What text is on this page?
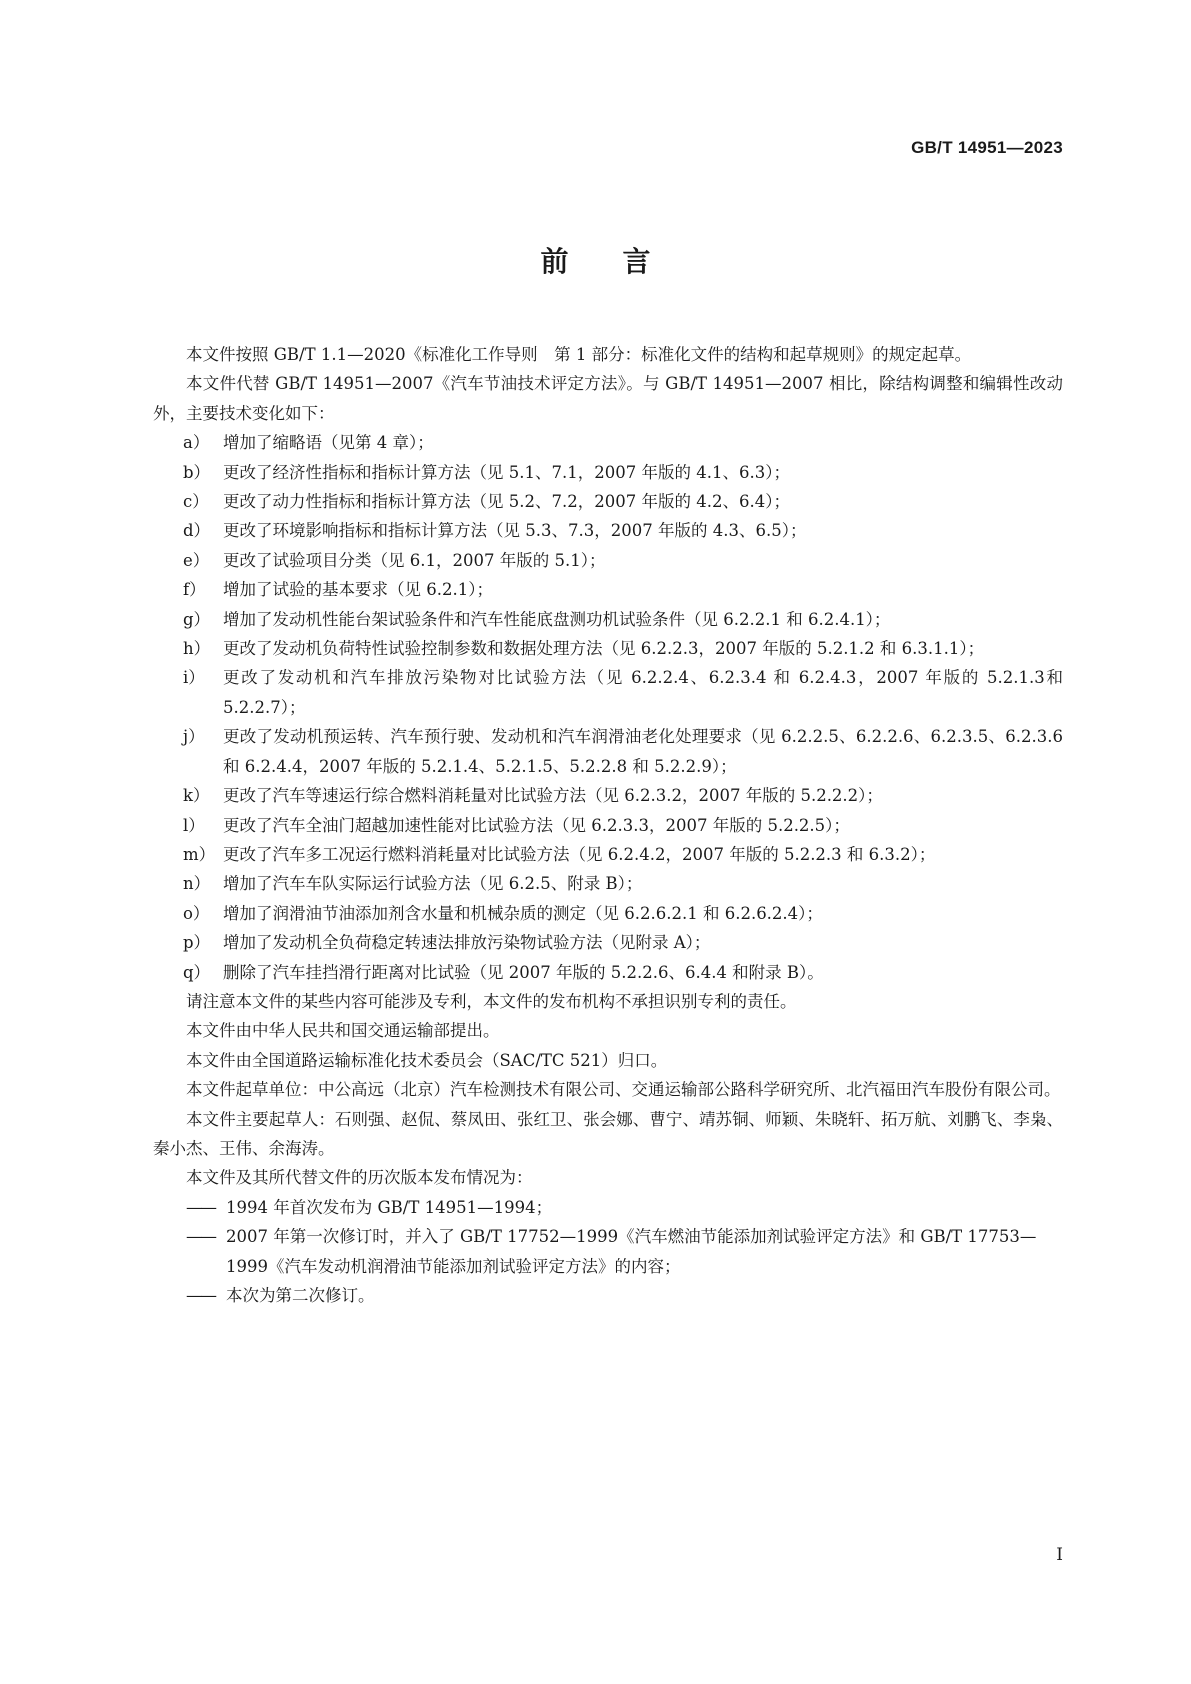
GB/T 14951—2023
前言

本文件按照 GB/T 1.1—2020《标准化工作导则　第 1 部分：标准化文件的结构和起草规则》的规定起草。

本文件代替 GB/T 14951—2007《汽车节油技术评定方法》。与 GB/T 14951—2007 相比，除结构调整和编辑性改动外，主要技术变化如下：

a） 增加了缩略语（见第 4 章）；
b） 更改了经济性指标和指标计算方法（见 5.1、7.1，2007 年版的 4.1、6.3）；
c） 更改了动力性指标和指标计算方法（见 5.2、7.2，2007 年版的 4.2、6.4）；
d） 更改了环境影响指标和指标计算方法（见 5.3、7.3，2007 年版的 4.3、6.5）；
e） 更改了试验项目分类（见 6.1，2007 年版的 5.1）；
f）	增加了试验的基本要求（见 6.2.1）；
g） 增加了发动机性能台架试验条件和汽车性能底盘测功机试验条件（见 6.2.2.1 和 6.2.4.1）；
h） 更改了发动机负荷特性试验控制参数和数据处理方法（见 6.2.2.3，2007 年版的 5.2.1.2 和 6.3.1.1）；
i）	更改了发动机和汽车排放污染物对比试验方法（见 6.2.2.4、6.2.3.4 和 6.2.4.3，2007 年版的 5.2.1.3和 5.2.2.7）；
j）	更改了发动机预运转、汽车预行驶、发动机和汽车润滑油老化处理要求（见 6.2.2.5、6.2.2.6、6.2.3.5、6.2.3.6 和 6.2.4.4，2007 年版的 5.2.1.4、5.2.1.5、5.2.2.8 和 5.2.2.9）；
k） 更改了汽车等速运行综合燃料消耗量对比试验方法（见 6.2.3.2，2007 年版的 5.2.2.2）；
l）	更改了汽车全油门超越加速性能对比试验方法（见 6.2.3.3，2007 年版的 5.2.2.5）；
m） 更改了汽车多工况运行燃料消耗量对比试验方法（见 6.2.4.2，2007 年版的 5.2.2.3 和 6.3.2）；
n） 增加了汽车车队实际运行试验方法（见 6.2.5、附录 B）；
o） 增加了润滑油节油添加剂含水量和机械杂质的测定（见 6.2.6.2.1 和 6.2.6.2.4）；
p） 增加了发动机全负荷稳定转速法排放污染物试验方法（见附录 A）；
q） 删除了汽车挂挡滑行距离对比试验（见 2007 年版的 5.2.2.6、6.4.4 和附录 B）。

请注意本文件的某些内容可能涉及专利，本文件的发布机构不承担识别专利的责任。

本文件由中华人民共和国交通运输部提出。

本文件由全国道路运输标准化技术委员会（SAC/TC 521）归口。

本文件起草单位：中公高远（北京）汽车检测技术有限公司、交通运输部公路科学研究所、北汽福田汽车股份有限公司。

本文件主要起草人：石则强、赵侃、蔡凤田、张红卫、张会娜、曹宁、靖苏铜、师颖、朱晓轩、拓万航、刘鹏飞、李枭、秦小杰、王伟、余海涛。

本文件及其所代替文件的历次版本发布情况为：

—— 1994 年首次发布为 GB/T 14951—1994；
—— 2007 年第一次修订时，并入了 GB/T 17752—1999《汽车燃油节能添加剂试验评定方法》和 GB/T 17753—1999《汽车发动机润滑油节能添加剂试验评定方法》的内容；
—— 本次为第二次修订。
I
